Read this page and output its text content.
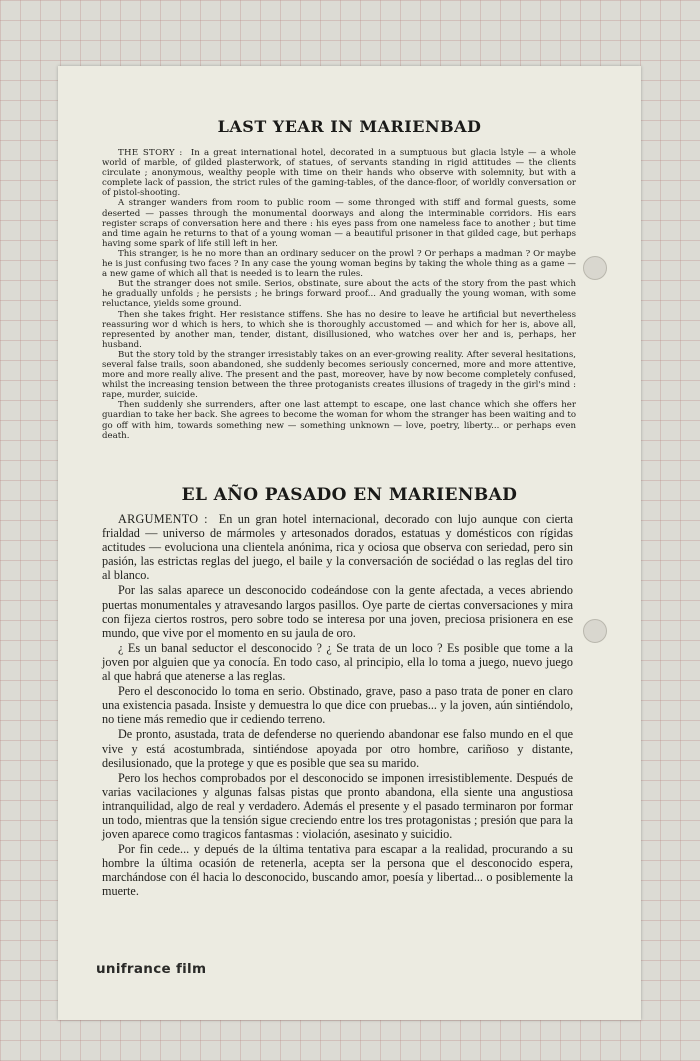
LAST YEAR IN MARIENBAD

THE STORY : In a great international hotel, decorated in a sumptuous but glacia lstyle — a whole world of marble, of gilded plasterwork, of statues, of servants standing in rigid attitudes — the clients circulate ; anonymous, wealthy people with time on their hands who observe with solemnity, but with a complete lack of passion, the strict rules of the gaming-tables, of the dance-floor, of worldly conversation or of pistol-shooting.

A stranger wanders from room to public room — some thronged with stiff and formal guests, some deserted — passes through the monumental doorways and along the interminable corridors. His ears register scraps of conversation here and there : his eyes pass from one nameless face to another ; but time and time again he returns to that of a young woman — a beautiful prisoner in that gilded cage, but perhaps having some spark of life still left in her.

This stranger, is he no more than an ordinary seducer on the prowl ? Or perhaps a madman ? Or maybe he is just confusing two faces ? In any case the young woman begins by taking the whole thing as a game — a new game of which all that is needed is to learn the rules.

But the stranger does not smile. Serios, obstinate, sure about the acts of the story from the past which he gradually unfolds ; he persists ; he brings forward proof... And gradually the young woman, with some reluctance, yields some ground.

Then she takes fright. Her resistance stiffens. She has no desire to leave he artificial but nevertheless reassuring wor d which is hers, to which she is thoroughly accustomed — and which for her is, above all, represented by another man, tender, distant, disillusioned, who watches over her and is, perhaps, her husband.

But the story told by the stranger irresistably takes on an ever-growing reality. After several hesitations, several false trails, soon abandoned, she suddenly becomes seriously concerned, more and more attentive, more and more really alive. The present and the past, moreover, have by now become completely confused, whilst the increasing tension between the three protoganists creates illusions of tragedy in the girl's mind : rape, murder, suicide.

Then suddenly she surrenders, after one last attempt to escape, one last chance which she offers her guardian to take her back. She agrees to become the woman for whom the stranger has been waiting and to go off with him, towards something new — something unknown — love, poetry, liberty... or perhaps even death.

EL AÑO PASADO EN MARIENBAD

ARGUMENTO : En un gran hotel internacional, decorado con lujo aunque con cierta frialdad — universo de mármoles y artesonados dorados, estatuas y domésticos con rígidas actitudes — evoluciona una clientela anónima, rica y ociosa que observa con seriedad, pero sin pasión, las estrictas reglas del juego, el baile y la conversación de sociédad o las reglas del tiro al blanco.

Por las salas aparece un desconocido codeándose con la gente afectada, a veces abriendo puertas monumentales y atravesando largos pasillos. Oye parte de ciertas conversaciones y mira con fijeza ciertos rostros, pero sobre todo se interesa por una joven, preciosa prisionera en ese mundo, que vive por el momento en su jaula de oro.

¿ Es un banal seductor el desconocido ? ¿ Se trata de un loco ? Es posible que tome a la joven por alguien que ya conocía. En todo caso, al principio, ella lo toma a juego, nuevo juego al que habrá que atenerse a las reglas.

Pero el desconocido lo toma en serio. Obstinado, grave, paso a paso trata de poner en claro una existencia pasada. Insiste y demuestra lo que dice con pruebas... y la joven, aún sintiéndolo, no tiene más remedio que ir cediendo terreno.

De pronto, asustada, trata de defenderse no queriendo abandonar ese falso mundo en el que vive y está acostumbrada, sintiéndose apoyada por otro hombre, cariñoso y distante, desilusionado, que la protege y que es posible que sea su marido.

Pero los hechos comprobados por el desconocido se imponen irresistiblemente. Después de varias vacilaciones y algunas falsas pistas que pronto abandona, ella siente una angustiosa intranquilidad, algo de real y verdadero. Además el presente y el pasado terminaron por formar un todo, mientras que la tensión sigue creciendo entre los tres protagonistas ; presión que para la joven aparece como tragicos fantasmas : violación, asesinato y suicidio.

Por fin cede... y depués de la última tentativa para escapar a la realidad, procurando a su hombre la última ocasión de retenerla, acepta ser la persona que el desconocido espera, marchándose con él hacia lo desconocido, buscando amor, poesía y libertad... o posiblemente la muerte.

unifrance film
